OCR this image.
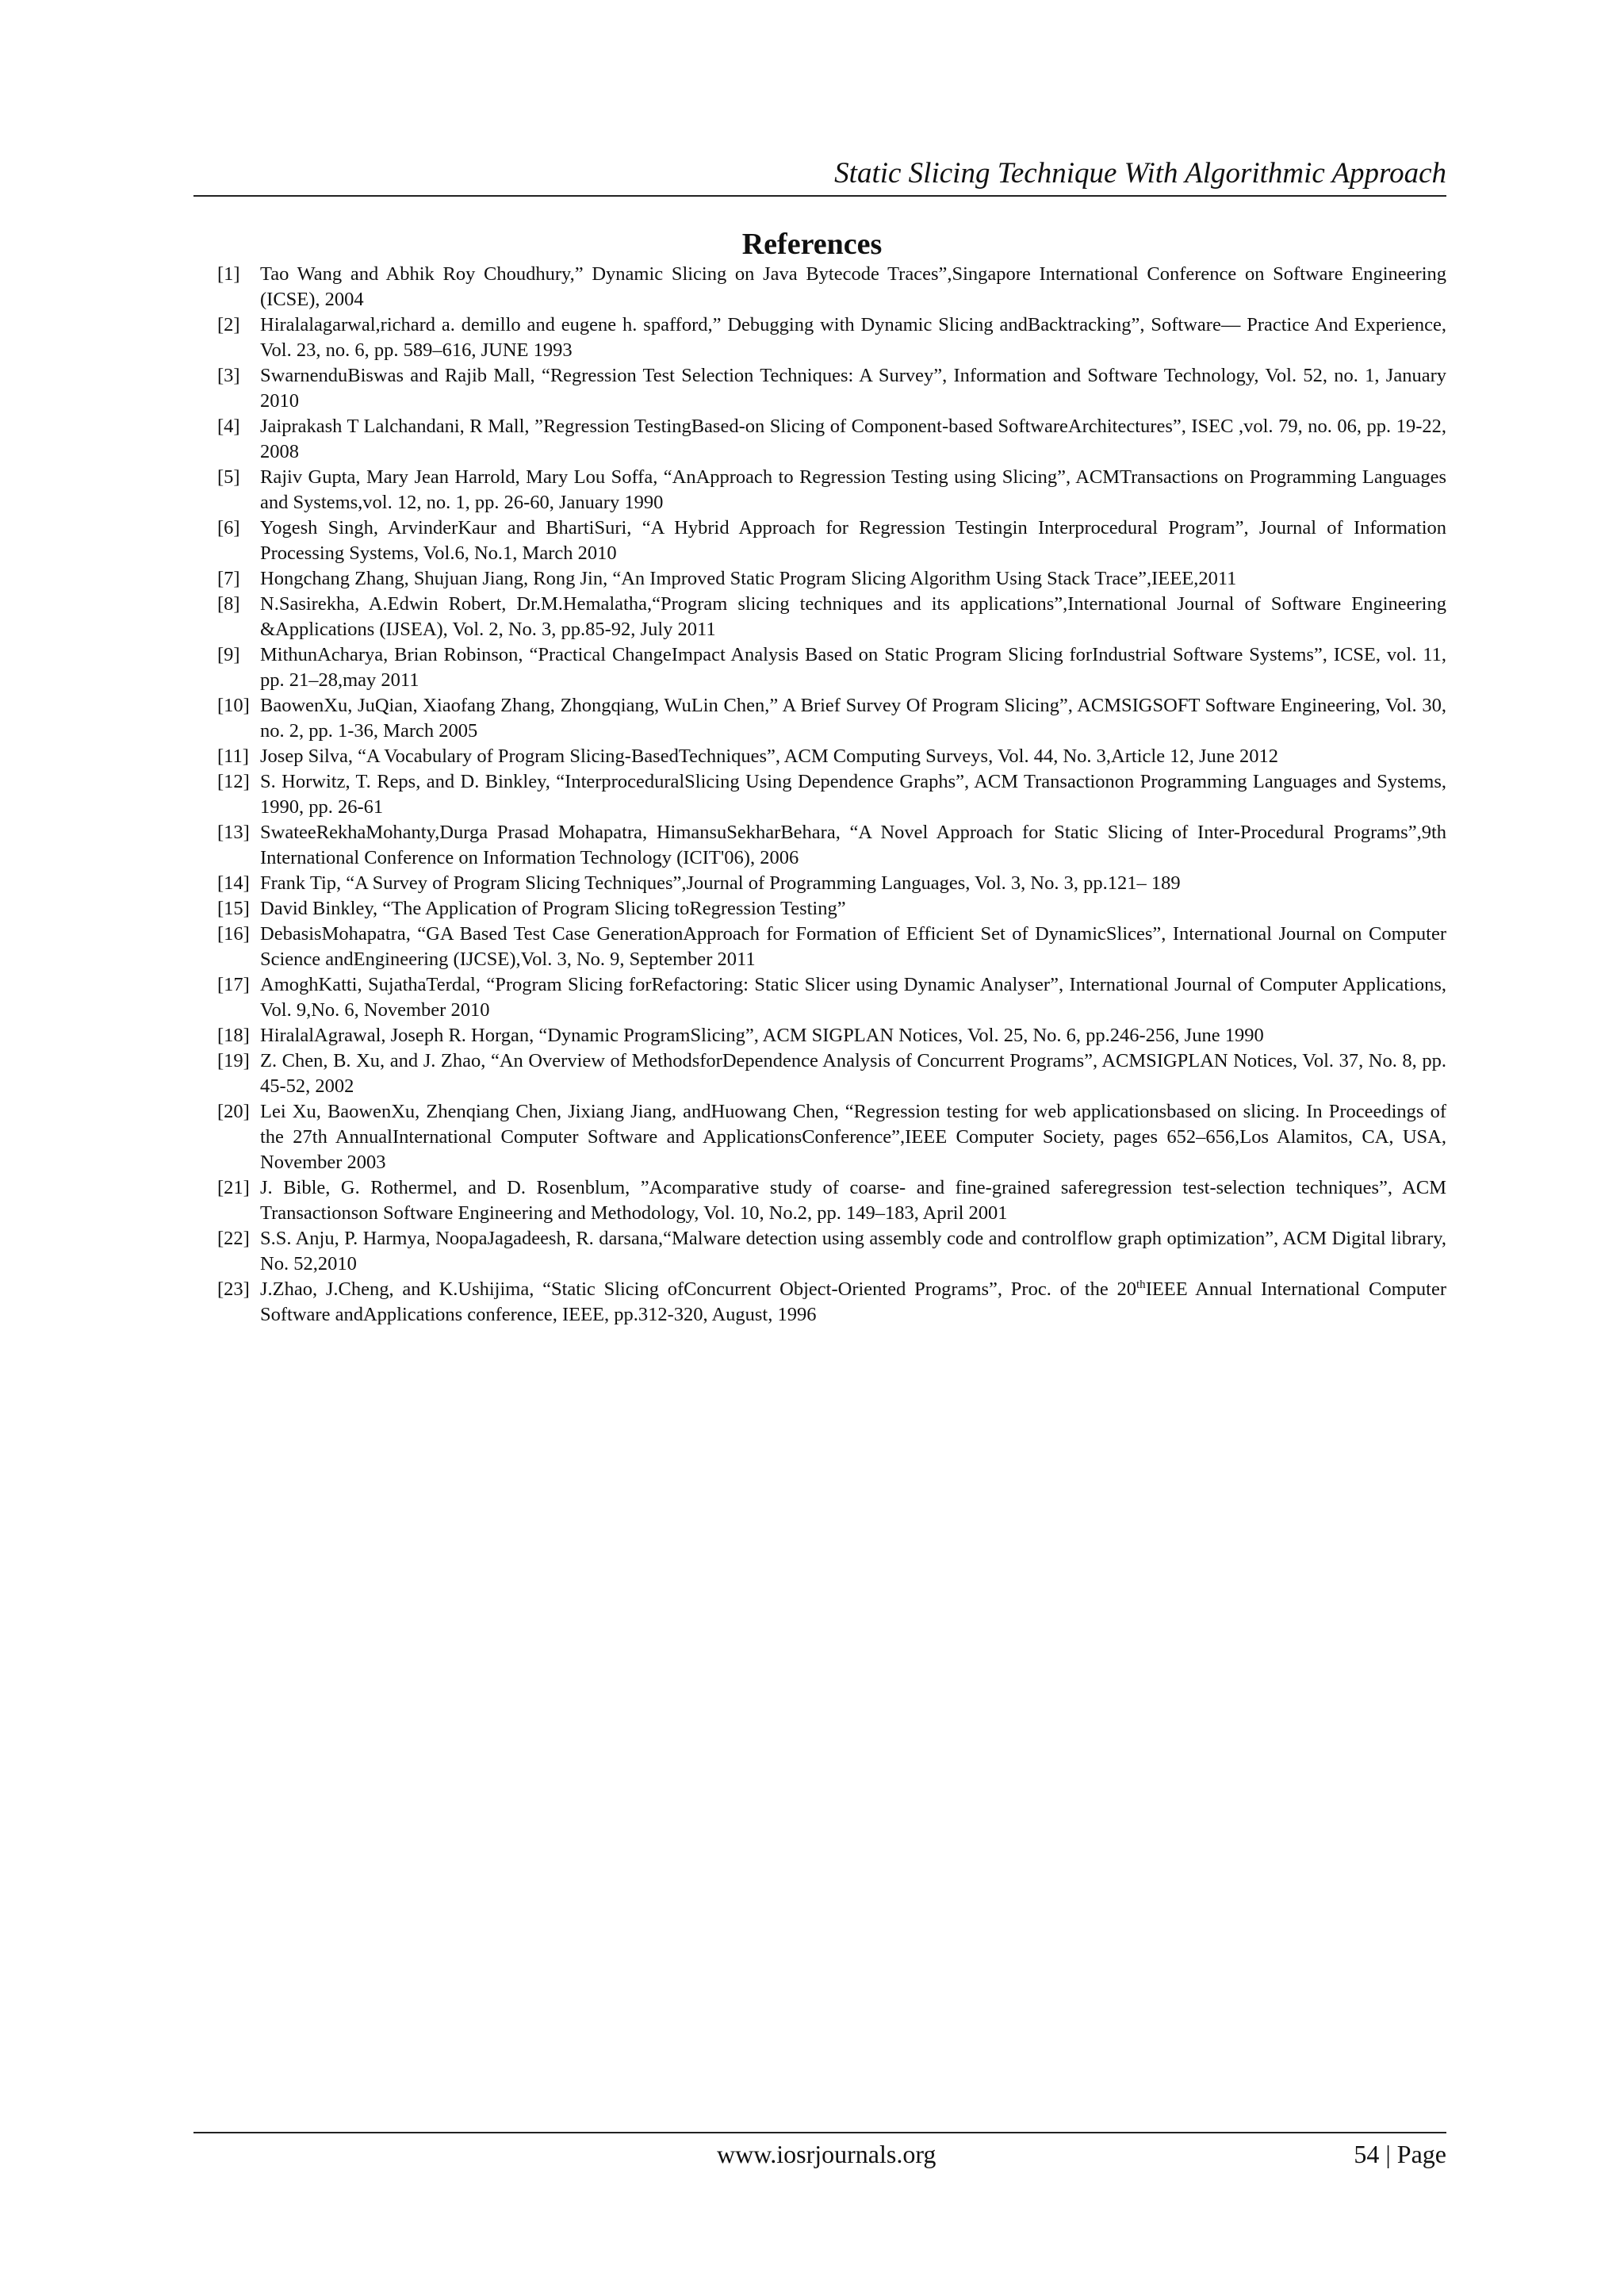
Static Slicing Technique With Algorithmic Approach
References
[1]	Tao Wang and Abhik Roy Choudhury,” Dynamic Slicing on Java Bytecode Traces”,Singapore International Conference on Software Engineering (ICSE), 2004
[2]	Hiralalagarwal,richard a. demillo and eugene h. spafford,” Debugging with Dynamic Slicing andBacktracking”, Software— Practice And Experience, Vol. 23, no. 6, pp. 589–616, JUNE 1993
[3]	SwarnenduBiswas and Rajib Mall, “Regression Test Selection Techniques: A Survey”, Information and Software Technology, Vol. 52, no. 1, January 2010
[4]	Jaiprakash T Lalchandani, R Mall, ”Regression TestingBased-on Slicing of Component-based SoftwareArchitectures”, ISEC ,vol. 79, no. 06, pp. 19-22, 2008
[5]	Rajiv Gupta, Mary Jean Harrold, Mary Lou Soffa, “AnApproach to Regression Testing using Slicing”, ACMTransactions on Programming Languages and Systems,vol. 12, no. 1, pp. 26-60, January 1990
[6]	Yogesh Singh, ArvinderKaur and BhartiSuri, “A Hybrid Approach for Regression Testingin Interprocedural Program”, Journal of Information Processing Systems, Vol.6, No.1, March 2010
[7]	Hongchang Zhang, Shujuan Jiang, Rong Jin, “An Improved Static Program Slicing Algorithm Using Stack Trace”,IEEE,2011
[8]	N.Sasirekha, A.Edwin Robert, Dr.M.Hemalatha,“Program slicing techniques and its applications”,International Journal of Software Engineering &Applications (IJSEA), Vol. 2, No. 3, pp.85-92, July 2011
[9]	MithunAcharya, Brian Robinson, “Practical ChangeImpact Analysis Based on Static Program Slicing forIndustrial Software Systems”, ICSE, vol. 11, pp. 21–28,may 2011
[10] BaowenXu, JuQian, Xiaofang Zhang, Zhongqiang, WuLin Chen,” A Brief Survey Of Program Slicing”, ACMSIGSOFT Software Engineering, Vol. 30, no. 2, pp. 1-36, March 2005
[11] Josep Silva, “A Vocabulary of Program Slicing-BasedTechniques”, ACM Computing Surveys, Vol. 44, No. 3,Article 12, June 2012
[12] S. Horwitz, T. Reps, and D. Binkley, “InterproceduralSlicing Using Dependence Graphs”, ACM Transactionon Programming Languages and Systems, 1990, pp. 26-61
[13] SwateeRekhaMohanty,Durga Prasad Mohapatra, HimansuSekharBehara, “A Novel Approach for Static Slicing of Inter-Procedural Programs”,9th International Conference on Information Technology (ICIT'06), 2006
[14] Frank Tip, “A Survey of Program Slicing Techniques”,Journal of Programming Languages, Vol. 3, No. 3, pp.121– 189
[15] David Binkley, “The Application of Program Slicing toRegression Testing”
[16] DebasisMohapatra, “GA Based Test Case GenerationApproach for Formation of Efficient Set of DynamicSlices”, International Journal on Computer Science andEngineering (IJCSE),Vol. 3, No. 9, September 2011
[17] AmoghKatti, SujathaTerdal, “Program Slicing forRefactoring: Static Slicer using Dynamic Analyser”, International Journal of Computer Applications, Vol. 9,No. 6, November 2010
[18] HiralalAgrawal, Joseph R. Horgan, “Dynamic ProgramSlicing”, ACM SIGPLAN Notices, Vol. 25, No. 6, pp.246-256, June 1990
[19] Z. Chen, B. Xu, and J. Zhao, “An Overview of MethodsforDependence Analysis of Concurrent Programs”, ACMSIGPLAN Notices, Vol. 37, No. 8, pp. 45-52, 2002
[20] Lei Xu, BaowenXu, Zhenqiang Chen, Jixiang Jiang, andHuowang Chen, “Regression testing for web applicationsbased on slicing. In Proceedings of the 27th AnnualInternational Computer Software and ApplicationsConference”,IEEE Computer Society, pages 652–656,Los Alamitos, CA, USA, November 2003
[21] J. Bible, G. Rothermel, and D. Rosenblum, ”Acomparative study of coarse- and fine-grained saferegression test-selection techniques”, ACM Transactionson Software Engineering and Methodology, Vol. 10, No.2, pp. 149–183, April 2001
[22] S.S. Anju, P. Harmya, NoopaJagadeesh, R. darsana,“Malware detection using assembly code and controlflow graph optimization”, ACM Digital library, No. 52,2010
[23] J.Zhao, J.Cheng, and K.Ushijima, “Static Slicing ofConcurrent Object-Oriented Programs”, Proc. of the 20thIEEE Annual International Computer Software andApplications conference, IEEE, pp.312-320, August, 1996
www.iosrjournals.org	54 | Page
